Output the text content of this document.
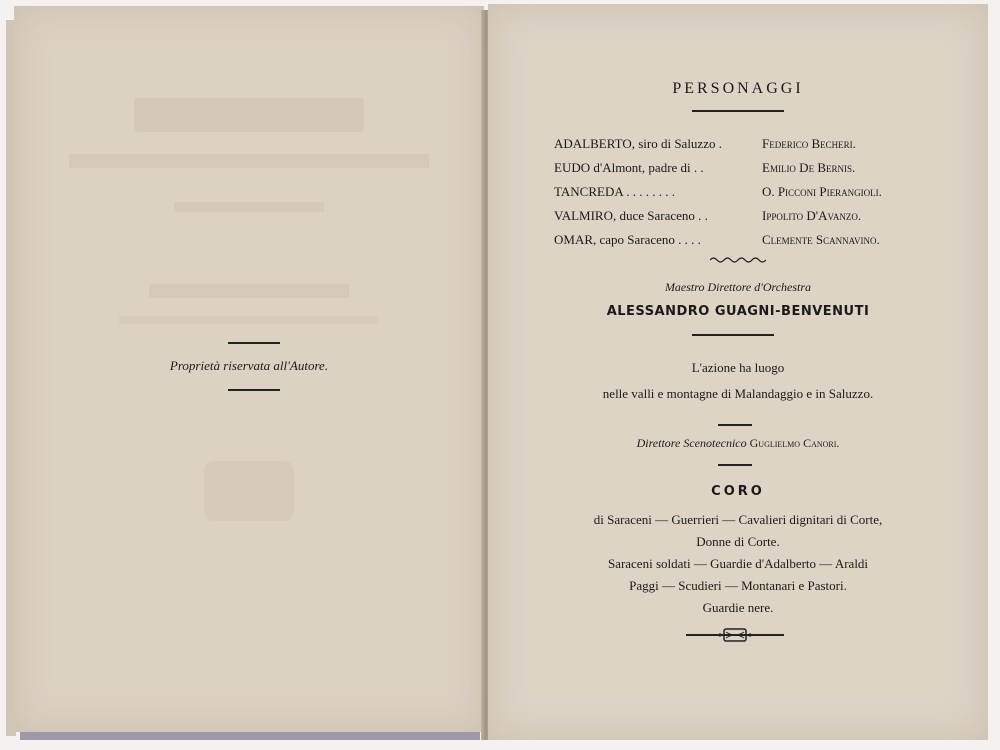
Proprietà riservata all'Autore.
PERSONAGGI
ADALBERTO, siro di Saluzzo .	Federico Becheri.
EUDO d'Almont, padre di . .	Emilio De Bernis.
TANCREDA . . . . . . . .	O. Picconi Pierangioli.
VALMIRO, duce Saraceno . .	Ippolito D'Avanzo.
OMAR, capo Saraceno . . . .	Clemente Scannavino.
Maestro Direttore d'Orchestra
ALESSANDRO GUAGNI-BENVENUTI
L'azione ha luogo
nelle valli e montagne di Malandaggio e in Saluzzo.
Direttore Scenotecnico Guglielmo Canori.
CORO
di Saraceni — Guerrieri — Cavalieri dignitari di Corte,
Donne di Corte.
Saraceni soldati — Guardie d'Adalberto — Araldi
Paggi — Scudieri — Montanari e Pastori.
Guardie nere.
